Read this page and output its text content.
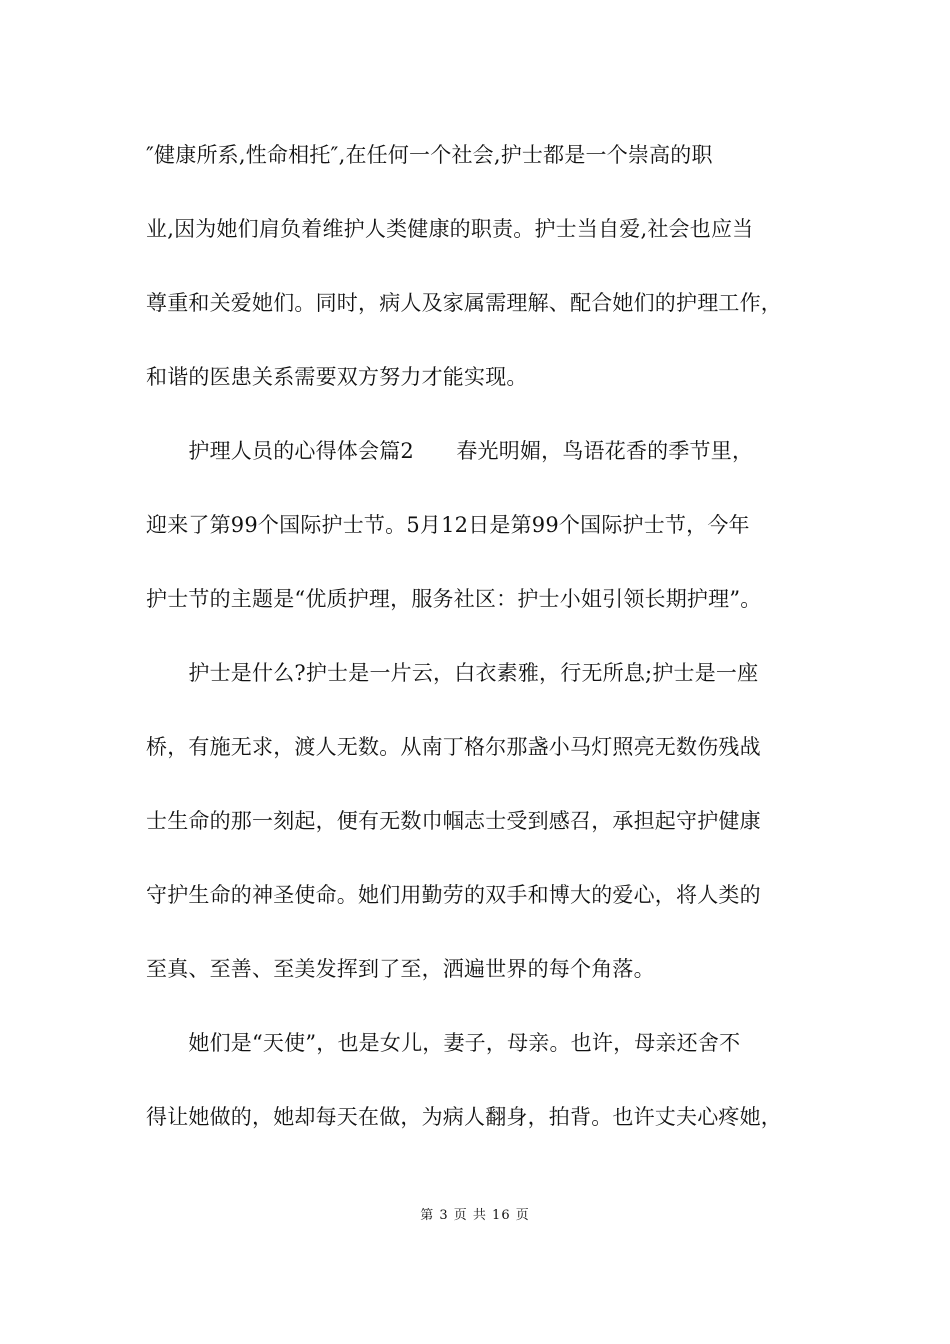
″健康所系,性命相托″,在任何一个社会,护士都是一个崇高的职
业,因为她们肩负着维护人类健康的职责。护士当自爱,社会也应当
尊重和关爱她们。同时，病人及家属需理解、配合她们的护理工作，
和谐的医患关系需要双方努力才能实现。
　　护理人员的心得体会篇2　　春光明媚，鸟语花香的季节里，
迎来了第99个国际护士节。5月12日是第99个国际护士节，今年
护士节的主题是“优质护理，服务社区：护士小姐引领长期护理”。
　　护士是什么?护士是一片云，白衣素雅，行无所息;护士是一座
桥，有施无求，渡人无数。从南丁格尔那盏小马灯照亮无数伤残战
士生命的那一刻起，便有无数巾帼志士受到感召，承担起守护健康
守护生命的神圣使命。她们用勤劳的双手和博大的爱心，将人类的
至真、至善、至美发挥到了至，洒遍世界的每个角落。
　　她们是“天使”，也是女儿，妻子，母亲。也许，母亲还舍不
得让她做的，她却每天在做，为病人翻身，拍背。也许丈夫心疼她，
第 3 页 共 16 页
